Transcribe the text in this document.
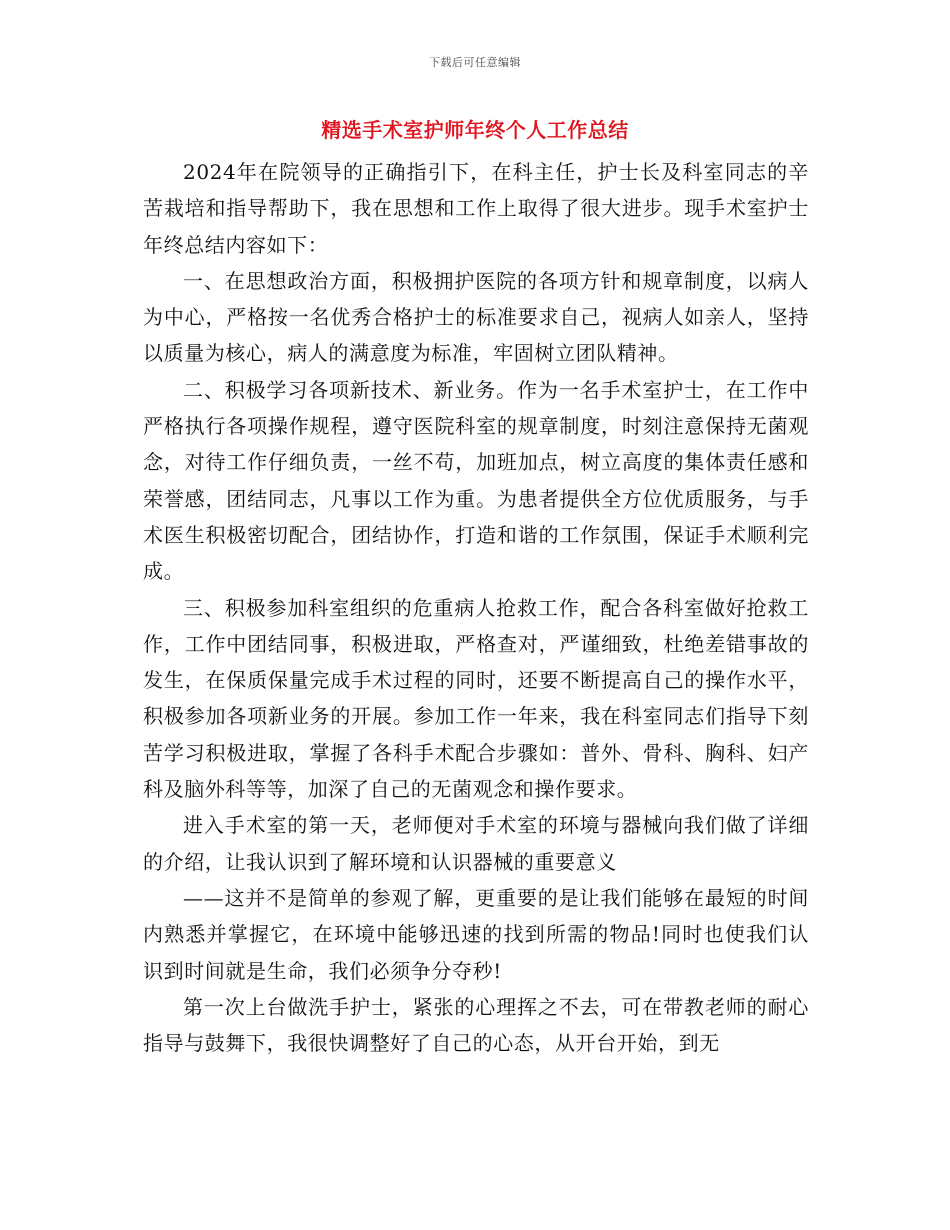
下载后可任意编辑
精选手术室护师年终个人工作总结

2024年在院领导的正确指引下，在科主任，护士长及科室同志的辛苦栽培和指导帮助下，我在思想和工作上取得了很大进步。现手术室护士年终总结内容如下：

一、在思想政治方面，积极拥护医院的各项方针和规章制度，以病人为中心，严格按一名优秀合格护士的标准要求自己，视病人如亲人，坚持以质量为核心，病人的满意度为标准，牢固树立团队精神。

二、积极学习各项新技术、新业务。作为一名手术室护士，在工作中严格执行各项操作规程，遵守医院科室的规章制度，时刻注意保持无菌观念，对待工作仔细负责，一丝不苟，加班加点，树立高度的集体责任感和荣誉感，团结同志，凡事以工作为重。为患者提供全方位优质服务，与手术医生积极密切配合，团结协作，打造和谐的工作氛围，保证手术顺利完成。

三、积极参加科室组织的危重病人抢救工作，配合各科室做好抢救工作，工作中团结同事，积极进取，严格查对，严谨细致，杜绝差错事故的发生，在保质保量完成手术过程的同时，还要不断提高自己的操作水平，积极参加各项新业务的开展。参加工作一年来，我在科室同志们指导下刻苦学习积极进取，掌握了各科手术配合步骤如：普外、骨科、胸科、妇产科及脑外科等等，加深了自己的无菌观念和操作要求。

进入手术室的第一天，老师便对手术室的环境与器械向我们做了详细的介绍，让我认识到了解环境和认识器械的重要意义

——这并不是简单的参观了解，更重要的是让我们能够在最短的时间内熟悉并掌握它，在环境中能够迅速的找到所需的物品!同时也使我们认识到时间就是生命，我们必须争分夺秒!

第一次上台做洗手护士，紧张的心理挥之不去，可在带教老师的耐心指导与鼓舞下，我很快调整好了自己的心态，从开台开始，到无
